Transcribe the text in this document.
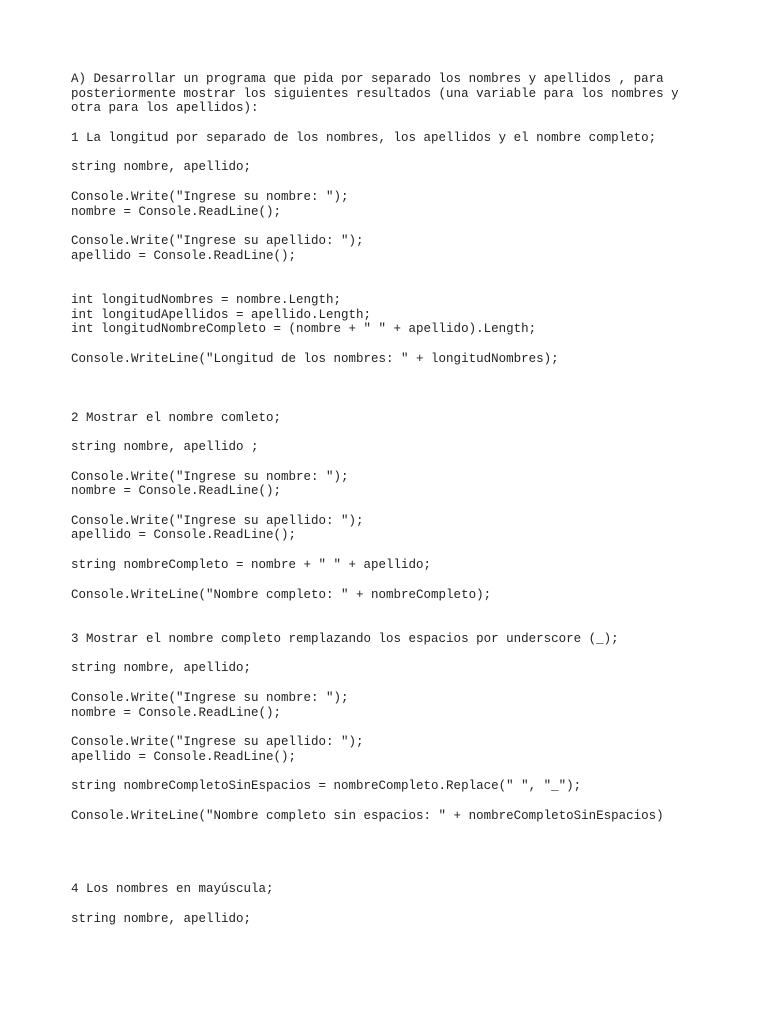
A) Desarrollar un programa que pida por separado los nombres y apellidos , para
posteriormente mostrar los siguientes resultados (una variable para los nombres y
otra para los apellidos):

1 La longitud por separado de los nombres, los apellidos y el nombre completo;
string nombre, apellido;
Console.Write("Ingrese su nombre: ");
nombre = Console.ReadLine();
Console.Write("Ingrese su apellido: ");
apellido = Console.ReadLine();
int longitudNombres = nombre.Length;
int longitudApellidos = apellido.Length;
int longitudNombreCompleto = (nombre + " " + apellido).Length;
Console.WriteLine("Longitud de los nombres: " + longitudNombres);
2 Mostrar el nombre comleto;
string nombre, apellido ;
Console.Write("Ingrese su nombre: ");
nombre = Console.ReadLine();
Console.Write("Ingrese su apellido: ");
apellido = Console.ReadLine();
string nombreCompleto = nombre + " " + apellido;
Console.WriteLine("Nombre completo: " + nombreCompleto);
3 Mostrar el nombre completo remplazando los espacios por underscore (_);
string nombre, apellido;
Console.Write("Ingrese su nombre: ");
nombre = Console.ReadLine();
Console.Write("Ingrese su apellido: ");
apellido = Console.ReadLine();
string nombreCompletoSinEspacios = nombreCompleto.Replace(" ", "_");
Console.WriteLine("Nombre completo sin espacios: " + nombreCompletoSinEspacios)
4 Los nombres en mayúscula;
string nombre, apellido;
